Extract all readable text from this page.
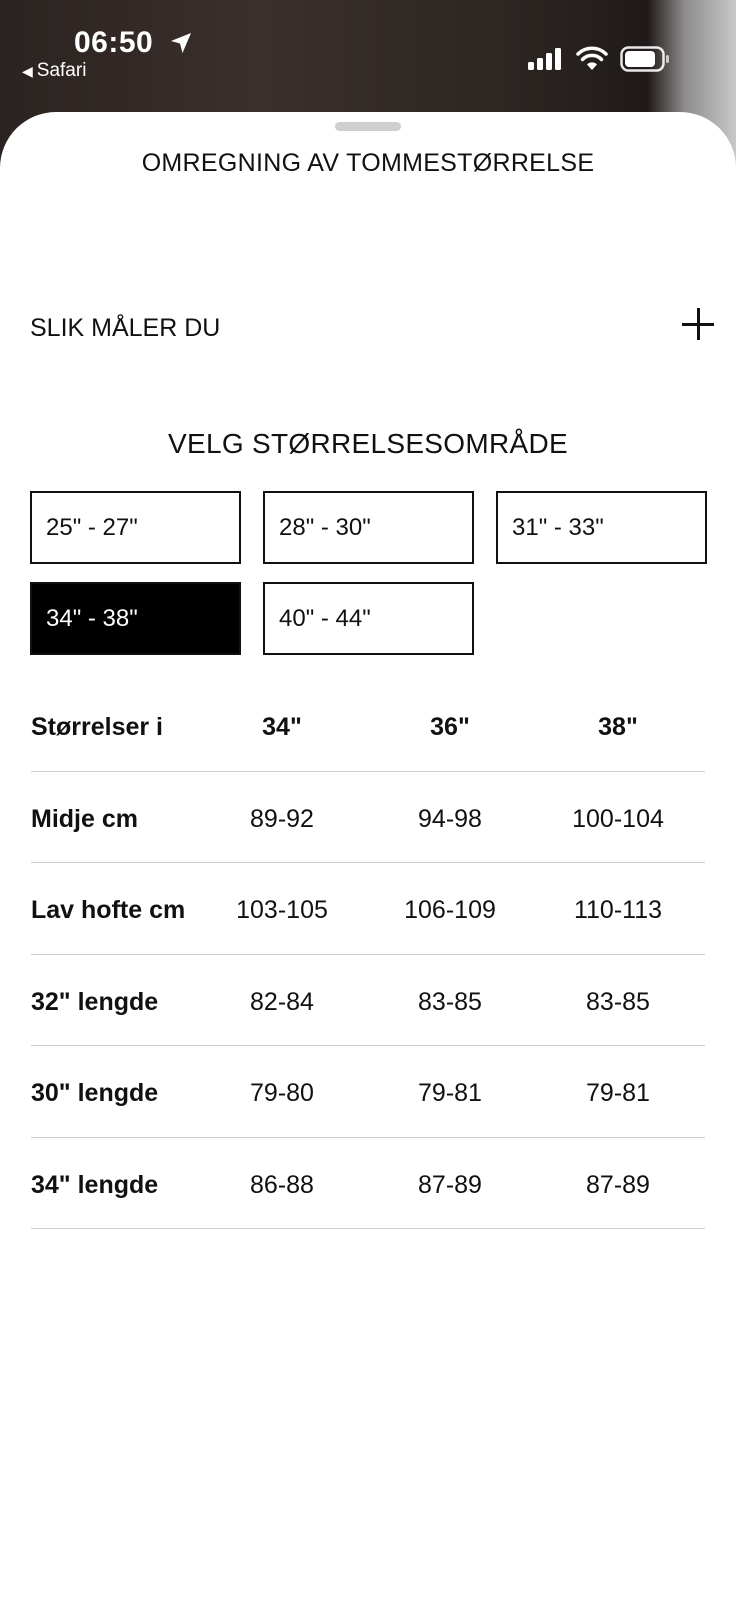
06:50
◀ Safari
OMREGNING AV TOMMESTØRRELSE
SLIK MÅLER DU
VELG STØRRELSESOMRÅDE
25" - 27"	28" - 30"	31" - 33"
34" - 38"	40" - 44"
Størrelser i	34"	36"	38"
Midje cm	89-92	94-98	100-104
Lav hofte cm	103-105	106-109	110-113
32" lengde	82-84	83-85	83-85
30" lengde	79-80	79-81	79-81
34" lengde	86-88	87-89	87-89
